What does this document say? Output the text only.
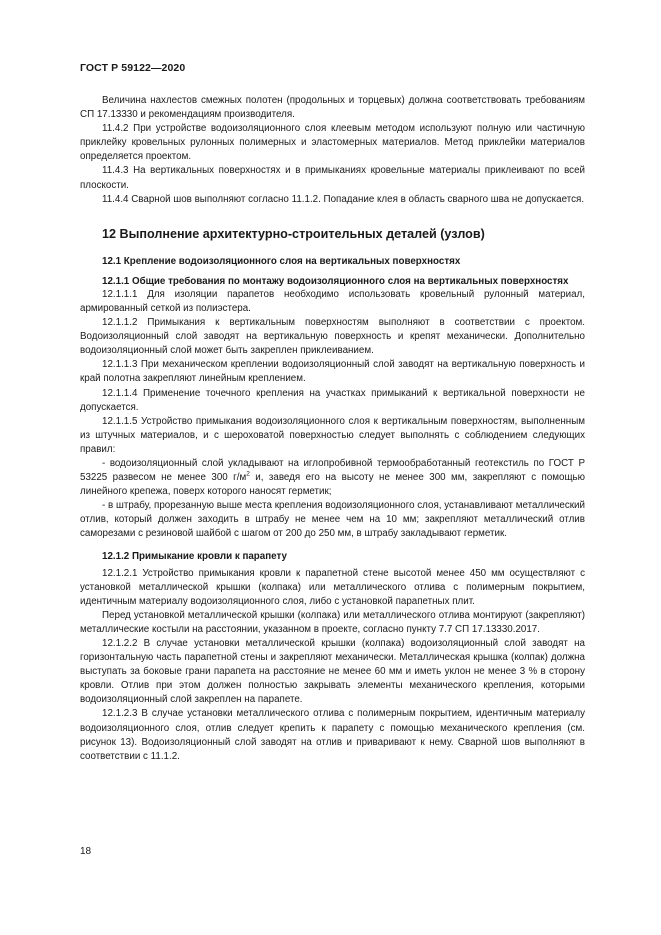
ГОСТ Р 59122—2020

Величина нахлестов смежных полотен (продольных и торцевых) должна соответствовать требованиям СП 17.13330 и рекомендациям производителя.

11.4.2 При устройстве водоизоляционного слоя клеевым методом используют полную или частичную приклейку кровельных рулонных полимерных и эластомерных материалов. Метод приклейки материалов определяется проектом.

11.4.3 На вертикальных поверхностях и в примыканиях кровельные материалы приклеивают по всей плоскости.

11.4.4 Сварной шов выполняют согласно 11.1.2. Попадание клея в область сварного шва не допускается.

12 Выполнение архитектурно-строительных деталей (узлов)
12.1 Крепление водоизоляционного слоя на вертикальных поверхностях
12.1.1 Общие требования по монтажу водоизоляционного слоя на вертикальных поверхностях

12.1.1.1 Для изоляции парапетов необходимо использовать кровельный рулонный материал, армированный сеткой из полиэстера.

12.1.1.2 Примыкания к вертикальным поверхностям выполняют в соответствии с проектом. Водоизоляционный слой заводят на вертикальную поверхность и крепят механически. Дополнительно водоизоляционный слой может быть закреплен приклеиванием.

12.1.1.3 При механическом креплении водоизоляционный слой заводят на вертикальную поверхность и край полотна закрепляют линейным креплением.

12.1.1.4 Применение точечного крепления на участках примыканий к вертикальной поверхности не допускается.

12.1.1.5 Устройство примыкания водоизоляционного слоя к вертикальным поверхностям, выполненным из штучных материалов, и с шероховатой поверхностью следует выполнять с соблюдением следующих правил:

- водоизоляционный слой укладывают на иглопробивной термообработанный геотекстиль по ГОСТ Р 53225 развесом не менее 300 $г/м^2$ и, заведя его на высоту не менее 300 мм, закрепляют с помощью линейного крепежа, поверх которого наносят герметик;

- в штрабу, прорезанную выше места крепления водоизоляционного слоя, устанавливают металлический отлив, который должен заходить в штрабу не менее чем на 10 мм; закрепляют металлический отлив саморезами с резиновой шайбой с шагом от 200 до 250 мм, в штрабу закладывают герметик.

12.1.2 Примыкание кровли к парапету

12.1.2.1 Устройство примыкания кровли к парапетной стене высотой менее 450 мм осуществляют с установкой металлической крышки (колпака) или металлического отлива с полимерным покрытием, идентичным материалу водоизоляционного слоя, либо с установкой парапетных плит.

Перед установкой металлической крышки (колпака) или металлического отлива монтируют (закрепляют) металлические костыли на расстоянии, указанном в проекте, согласно пункту 7.7 СП 17.13330.2017.

12.1.2.2 В случае установки металлической крышки (колпака) водоизоляционный слой заводят на горизонтальную часть парапетной стены и закрепляют механически. Металлическая крышка (колпак) должна выступать за боковые грани парапета на расстояние не менее 60 мм и иметь уклон не менее 3 % в сторону кровли. Отлив при этом должен полностью закрывать элементы механического крепления, которыми водоизоляционный слой закреплен на парапете.

12.1.2.3 В случае установки металлического отлива с полимерным покрытием, идентичным материалу водоизоляционного слоя, отлив следует крепить к парапету с помощью механического крепления (см. рисунок 13). Водоизоляционный слой заводят на отлив и приваривают к нему. Сварной шов выполняют в соответствии с 11.1.2.

18
